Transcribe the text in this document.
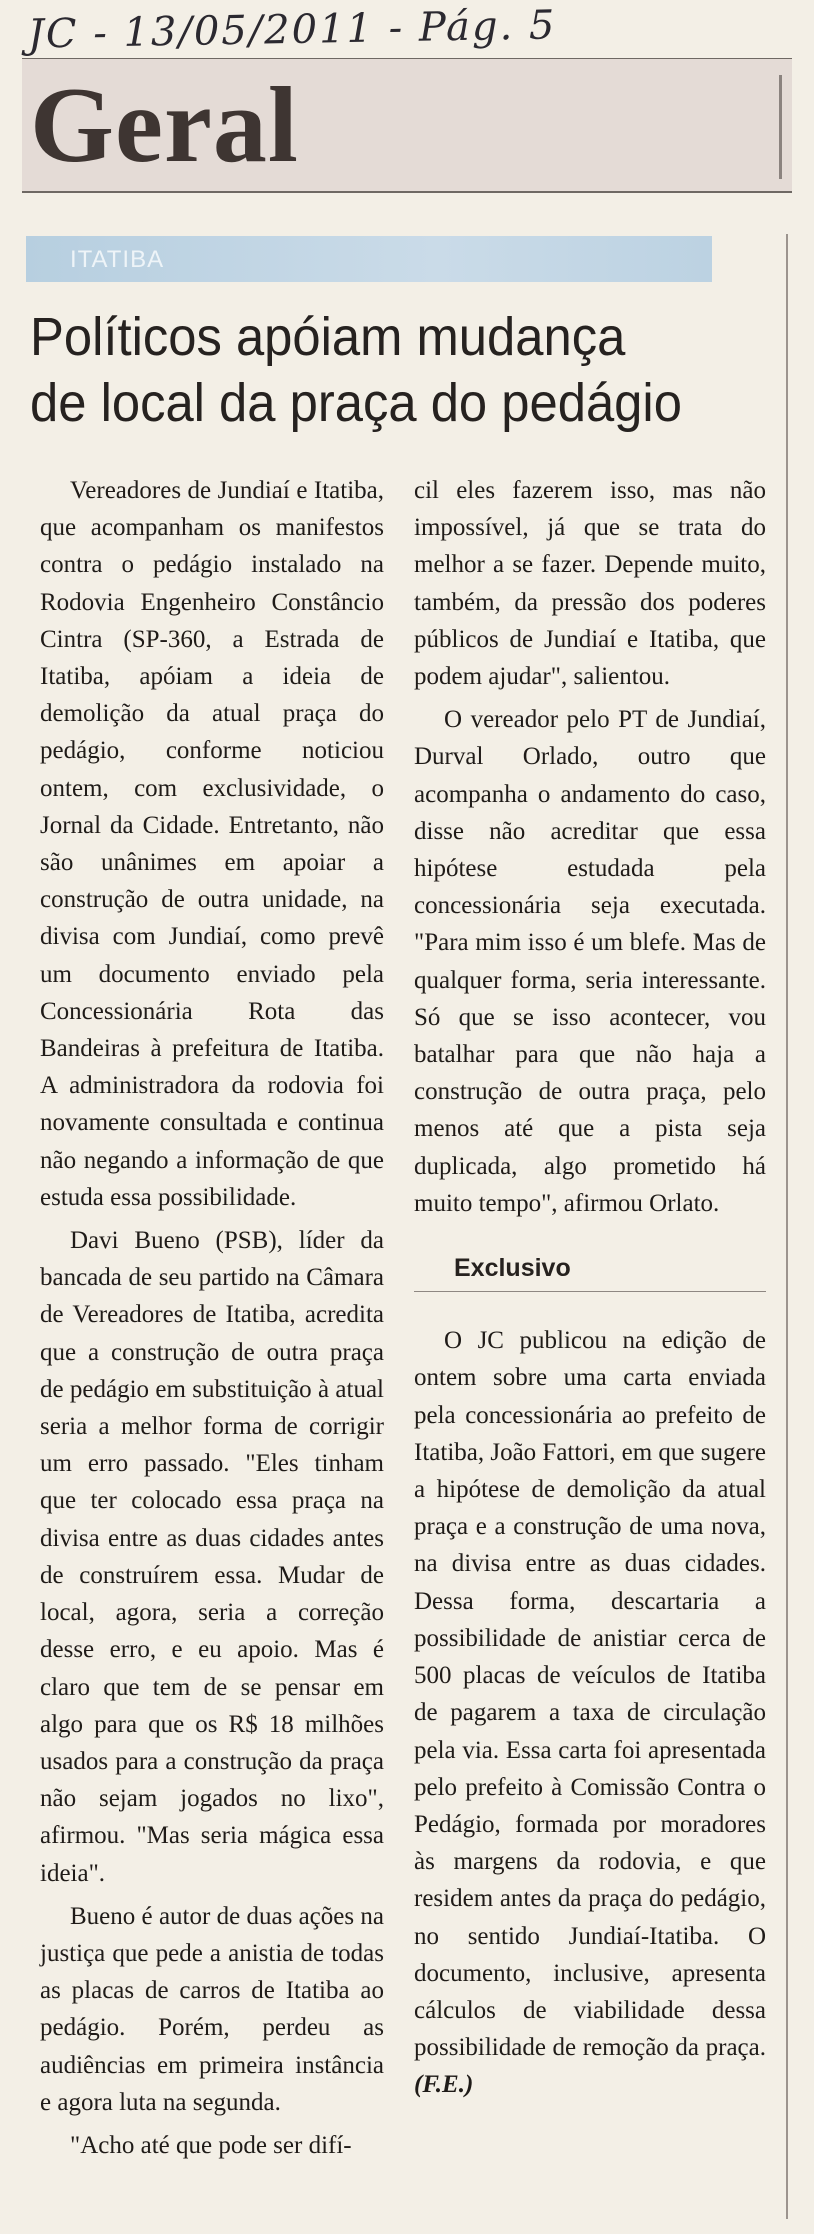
JC - 13/05/2011 - Pág. 5
Geral
ITATIBA
Políticos apóiam mudança
de local da praça do pedágio

Vereadores de Jundiaí e Itatiba, que acompanham os manifestos contra o pedágio instalado na Rodovia Engenheiro Constâncio Cintra (SP-360, a Estrada de Itatiba, apóiam a ideia de demolição da atual praça do pedágio, conforme noticiou ontem, com exclusividade, o Jornal da Cidade. Entretanto, não são unânimes em apoiar a construção de outra unidade, na divisa com Jundiaí, como prevê um documento enviado pela Concessionária Rota das Bandeiras à prefeitura de Itatiba. A administradora da rodovia foi novamente consultada e continua não negando a informação de que estuda essa possibilidade.

Davi Bueno (PSB), líder da bancada de seu partido na Câmara de Vereadores de Itatiba, acredita que a construção de outra praça de pedágio em substituição à atual seria a melhor forma de corrigir um erro passado. "Eles tinham que ter colocado essa praça na divisa entre as duas cidades antes de construírem essa. Mudar de local, agora, seria a correção desse erro, e eu apoio. Mas é claro que tem de se pensar em algo para que os R$ 18 milhões usados para a construção da praça não sejam jogados no lixo", afirmou. "Mas seria mágica essa ideia".

Bueno é autor de duas ações na justiça que pede a anistia de todas as placas de carros de Itatiba ao pedágio. Porém, perdeu as audiências em primeira instância e agora luta na segunda.

"Acho até que pode ser difí-

cil eles fazerem isso, mas não impossível, já que se trata do melhor a se fazer. Depende muito, também, da pressão dos poderes públicos de Jundiaí e Itatiba, que podem ajudar", salientou.

O vereador pelo PT de Jundiaí, Durval Orlado, outro que acompanha o andamento do caso, disse não acreditar que essa hipótese estudada pela concessionária seja executada. "Para mim isso é um blefe. Mas de qualquer forma, seria interessante. Só que se isso acontecer, vou batalhar para que não haja a construção de outra praça, pelo menos até que a pista seja duplicada, algo prometido há muito tempo", afirmou Orlato.

Exclusivo

O JC publicou na edição de ontem sobre uma carta enviada pela concessionária ao prefeito de Itatiba, João Fattori, em que sugere a hipótese de demolição da atual praça e a construção de uma nova, na divisa entre as duas cidades. Dessa forma, descartaria a possibilidade de anistiar cerca de 500 placas de veículos de Itatiba de pagarem a taxa de circulação pela via. Essa carta foi apresentada pelo prefeito à Comissão Contra o Pedágio, formada por moradores às margens da rodovia, e que residem antes da praça do pedágio, no sentido Jundiaí-Itatiba. O documento, inclusive, apresenta cálculos de viabilidade dessa possibilidade de remoção da praça. (F.E.)
